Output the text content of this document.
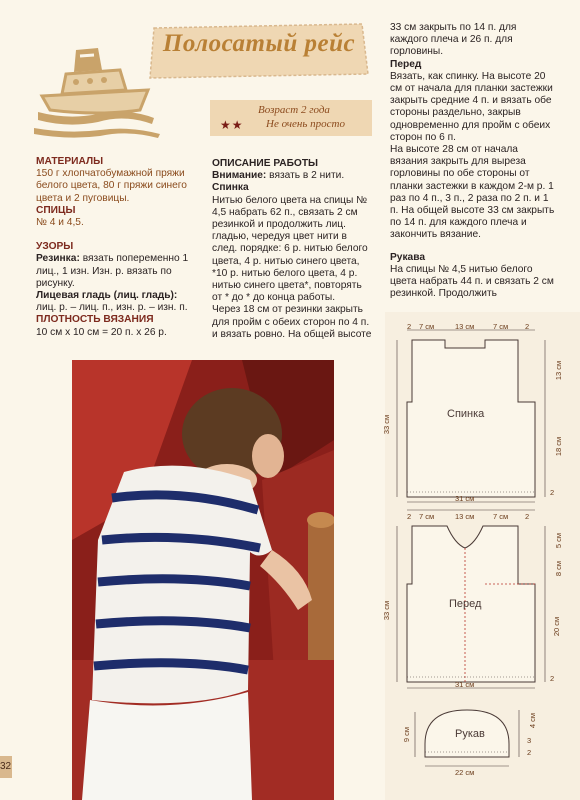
Полосатый рейс
Возраст 2 года
★★ Не очень просто
МАТЕРИАЛЫ

150 г хлопчатобумажной пряжи белого цвета, 80 г пряжи синего цвета и 2 пуговицы.

СПИЦЫ

№ 4 и 4,5.

УЗОРЫ

Резинка: вязать попеременно 1 лиц., 1 изн. Изн. р. вязать по рисунку.

Лицевая гладь (лиц. гладь):

лиц. р. – лиц. п., изн. р. – изн. п.

ПЛОТНОСТЬ ВЯЗАНИЯ

10 см х 10 см = 20 п. х 26 р.

ОПИСАНИЕ РАБОТЫ

Внимание: вязать в 2 нити.

Спинка

Нитью белого цвета на спицы № 4,5 набрать 62 п., связать 2 см резинкой и продолжить лиц. гладью, чередуя цвет нити в след. порядке: 6 р. нитью белого цвета, 4 р. нитью синего цвета, *10 р. нитью белого цвета, 4 р. нитью синего цвета*, повторять от * до * до конца работы.

Через 18 см от резинки закрыть для пройм с обеих сторон по 4 п. и вязать ровно. На общей высоте

33 см закрыть по 14 п. для каждого плеча и 26 п. для горловины.

Перед

Вязать, как спинку. На высоте 20 см от начала для планки застежки закрыть средние 4 п. и вязать обе стороны раздельно, закрыв одновременно для пройм с обеих сторон по 6 п.

На высоте 28 см от начала вязания закрыть для выреза горловины по обе стороны от планки застежки в каждом 2-м р. 1 раз по 4 п., 3 п., 2 раза по 2 п. и 1 п. На общей высоте 33 см закрыть по 14 п. для каждого плеча и закончить вязание.

Рукава

На спицы № 4,5 нитью белого цвета набрать 44 п. и связать 2 см резинкой. Продолжить

2 7 см	13 см 7 см 2
Спинка
31 см
33 см
13 см
18 см
2
2 7 см	13 см 7 см 2
Перед
31 см
33 см
5 см
8 см
20 см
2
Рукав
22 см
9 см
4 см
3
2
32
